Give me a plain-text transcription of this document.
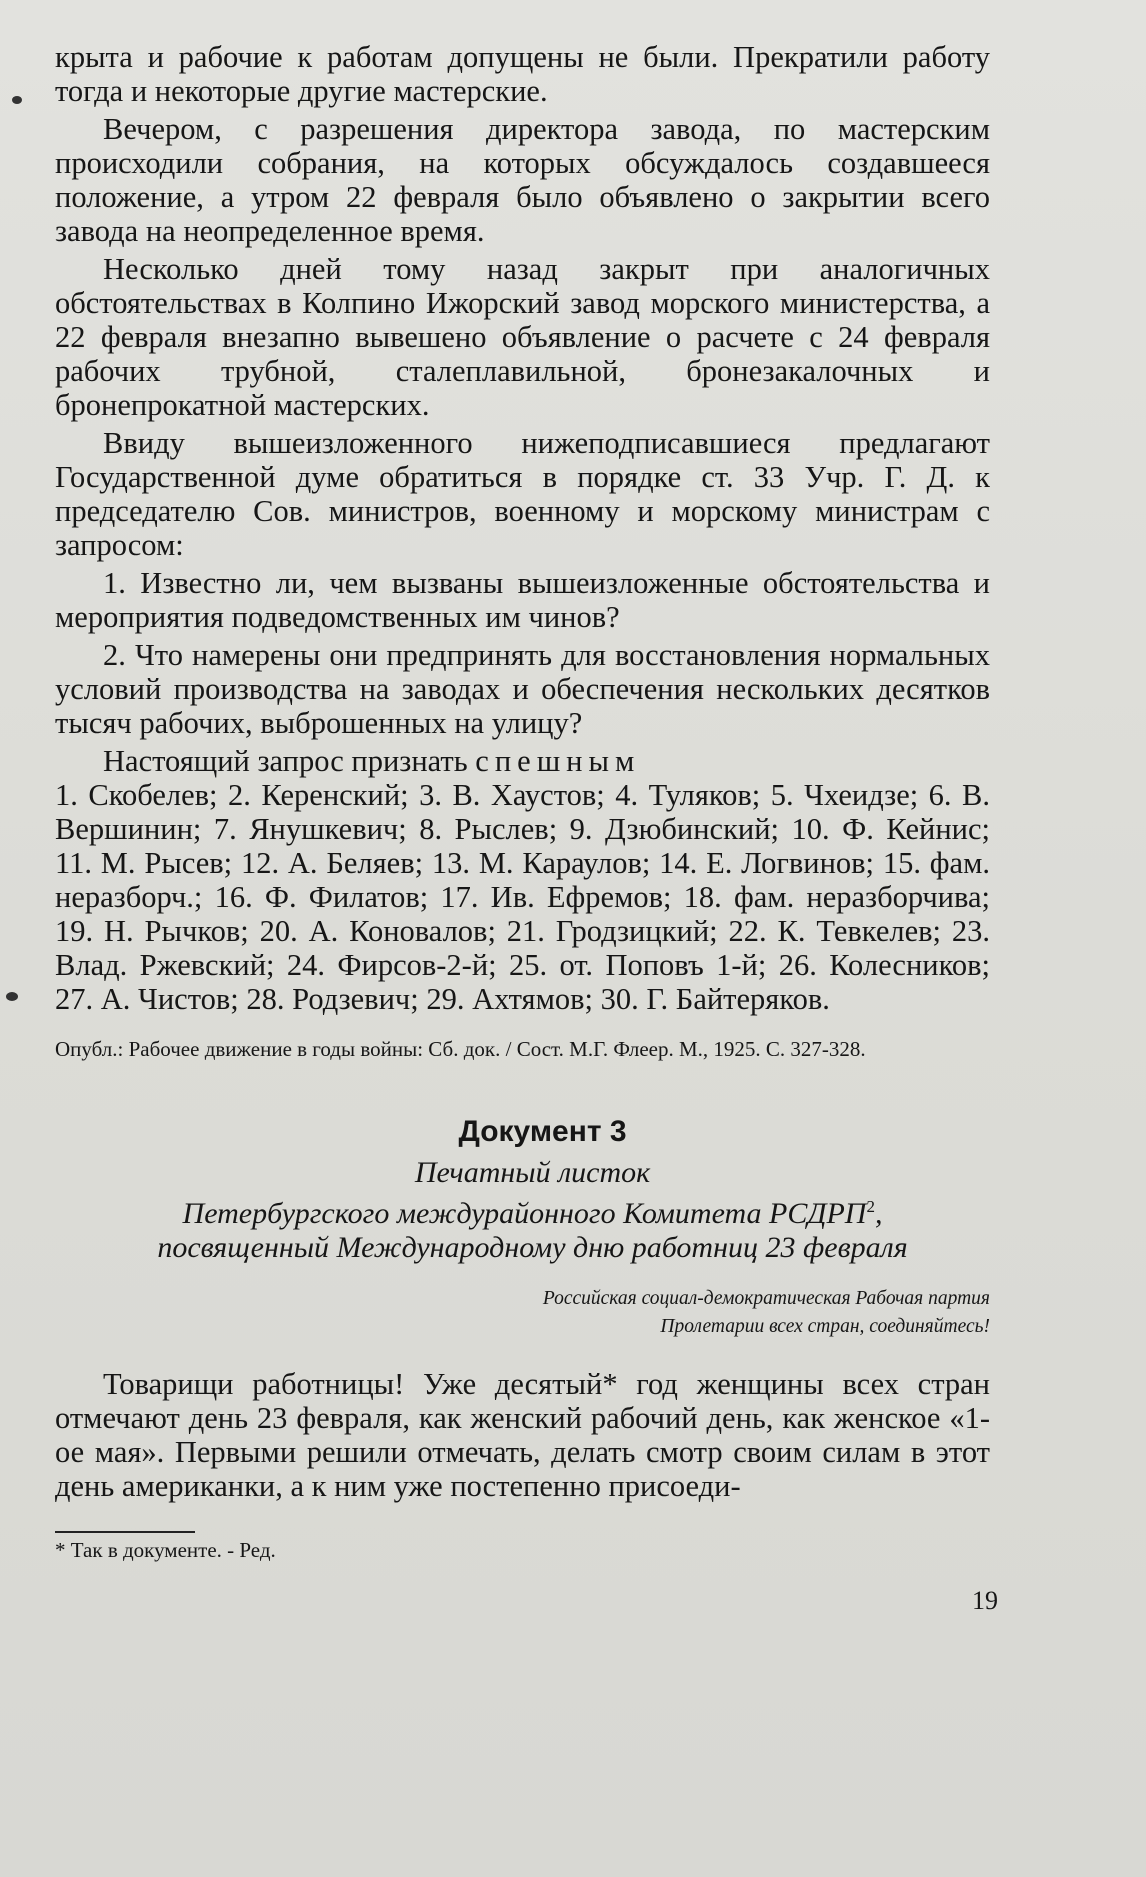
крыта и рабочие к работам допущены не были. Прекратили работу тогда и некоторые другие мастерские.

Вечером, с разрешения директора завода, по мастерским происходили собрания, на которых обсуждалось создавшееся положение, а утром 22 февраля было объявлено о закрытии всего завода на неопределенное время.

Несколько дней тому назад закрыт при аналогичных обстоятельствах в Колпино Ижорский завод морского министерства, а 22 февраля внезапно вывешено объявление о расчете с 24 февраля рабочих трубной, сталеплавильной, бронезакалочных и бронепрокатной мастерских.

Ввиду вышеизложенного нижеподписавшиеся предлагают Государственной думе обратиться в порядке ст. 33 Учр. Г. Д. к председателю Сов. министров, военному и морскому министрам с запросом:

1. Известно ли, чем вызваны вышеизложенные обстоятельства и мероприятия подведомственных им чинов?

2. Что намерены они предпринять для восстановления нормальных условий производства на заводах и обеспечения нескольких десятков тысяч рабочих, выброшенных на улицу?

Настоящий запрос признать спешным

1. Скобелев; 2. Керенский; 3. В. Хаустов; 4. Туляков; 5. Чхеидзе; 6. В. Вершинин; 7. Янушкевич; 8. Рыслев; 9. Дзюбинский; 10. Ф. Кейнис; 11. М. Рысев; 12. А. Беляев; 13. М. Караулов; 14. Е. Логвинов; 15. фам. неразборч.; 16. Ф. Филатов; 17. Ив. Ефремов; 18. фам. неразборчива; 19. Н. Рычков; 20. А. Коновалов; 21. Гродзицкий; 22. К. Тевкелев; 23. Влад. Ржевский; 24. Фирсов-2-й; 25. от. Поповъ 1-й; 26. Колесников; 27. А. Чистов; 28. Родзевич; 29. Ахтямов; 30. Г. Байтеряков.

Опубл.: Рабочее движение в годы войны: Сб. док. / Сост. М.Г. Флеер. М., 1925. С. 327-328.
Документ 3
Печатный листок
Петербургского междурайонного Комитета РСДРП$^2$,
посвященный Международному дню работниц 23 февраля
Российская социал-демократическая Рабочая партия
Пролетарии всех стран, соединяйтесь!

Товарищи работницы! Уже десятый* год женщины всех стран отмечают день 23 февраля, как женский рабочий день, как женское «1-ое мая». Первыми решили отмечать, делать смотр своим силам в этот день американки, а к ним уже постепенно присоеди-

* Так в документе. - Ред.
19
